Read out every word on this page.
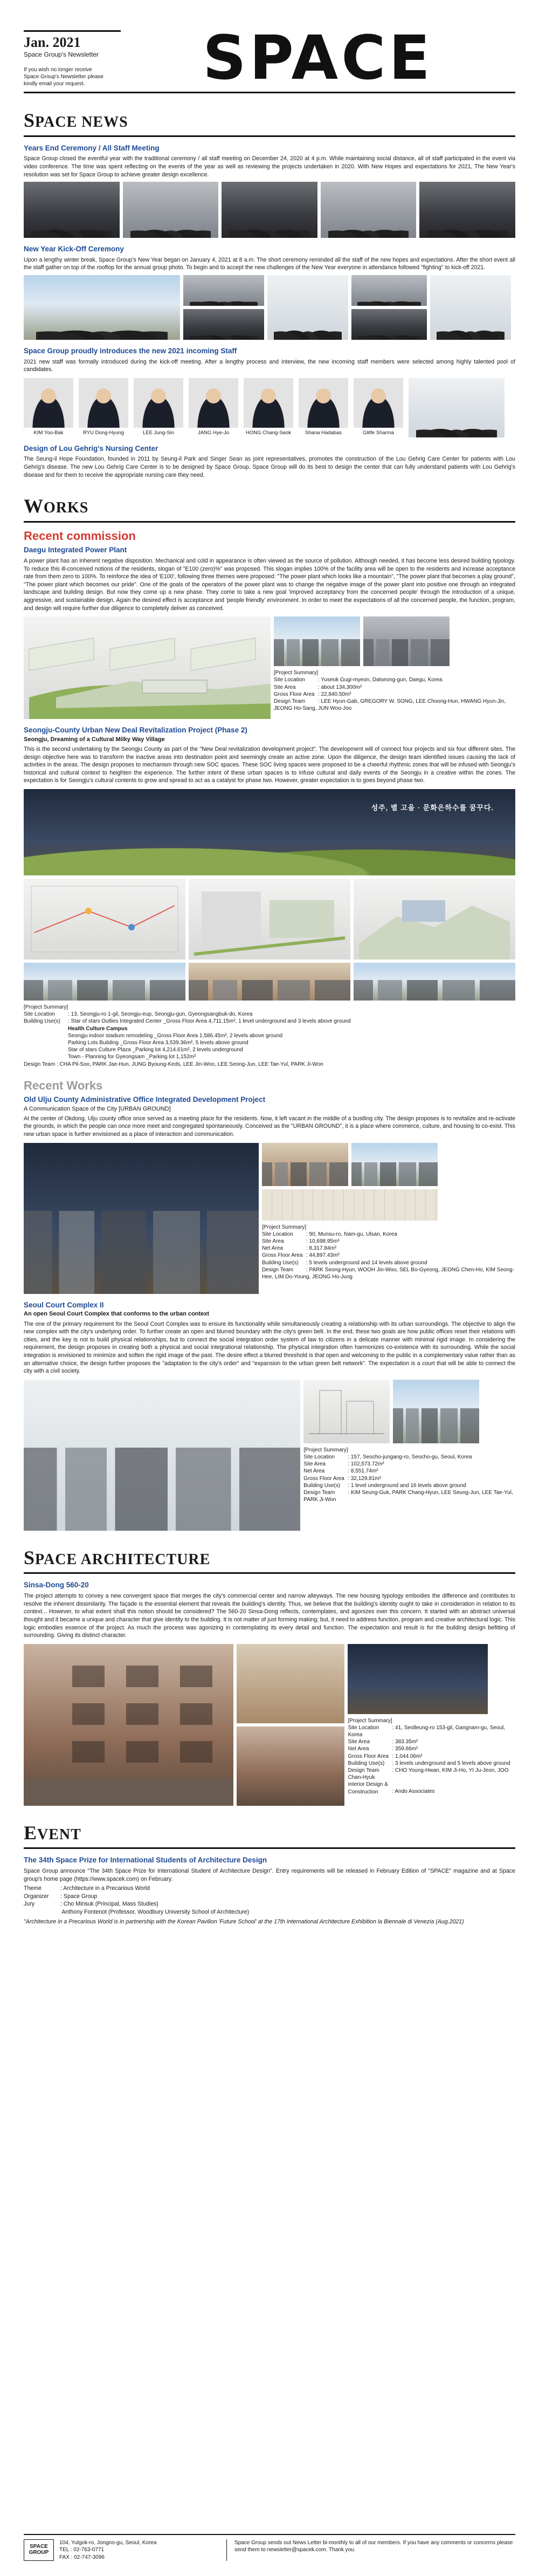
Jan. 2021
Space Group's Newsletter
If you wish no longer receive Space Group's Newsletter please kindly email your request.	SPACE
SPACE NEWS
Years End Ceremony / All Staff Meeting
Space Group closed the eventful year with the traditional ceremony / all staff meeting on December 24, 2020 at 4 p.m. While maintaining social distance, all of staff participated in the event via video conference. The time was spent reflecting on the events of the year as well as reviewing the projects undertaken in 2020. With New Hopes and expectations for 2021, The New Year's resolution was set for Space Group to achieve greater design excellence.
New Year Kick-Off Ceremony
Upon a lengthy winter break, Space Group's New Year began on January 4, 2021 at 8 a.m. The short ceremony reminded all the staff of the new hopes and expectations. After the short event all the staff gather on top of the rooftop for the annual group photo. To begin and to accept the new challenges of the New Year everyone in attendance followed "fighting" to kick-off 2021.
Space Group proudly introduces the new 2021 incoming Staff
2021 new staff was formally introduced during the kick-off meeting. After a lengthy process and interview, the new incoming staff members were selected among highly talented pool of candidates.
KIM Yoo-Bak	RYU Dong-Hyung	LEE Jung-Sin	JANG Hye-Jo	HONG Chang-Seok	Shana Hadabas	Glitfe Sharma
Design of Lou Gehrig's Nursing Center
The Seung-il Hope Foundation, founded in 2011 by Seung-il Park and Singer Sean as joint representatives, promotes the construction of the Lou Gehrig Care Center for patients with Lou Gehrig's disease. The new Lou Gehrig Care Center is to be designed by Space Group. Space Group will do its best to design the center that can fully understand patients with Lou Gehrig's disease and for them to receive the appropriate nursing care they need.
WORKS
Recent commission
Daegu Integrated Power Plant
A power plant has an inherent negative disposition. Mechanical and cold in appearance is often viewed as the source of pollution. Although needed, it has become less desired building typology. To reduce this ill-conceived notions of the residents, slogan of "E100 (zero)%" was proposed. This slogan implies 100% of the facility area will be open to the residents and increase acceptance rate from them zero to 100%. To reinforce the idea of 'E100', following three themes were proposed: "The power plant which looks like a mountain", "The power plant that becomes a play ground", "The power plant which becomes our pride". One of the goals of the operators of the power plant was to change the negative image of the power plant into positive one through an integrated landscape and building design. But now they come up a new phase. They come to take a new goal 'improved acceptancy from the concerned people' through the introduction of a unique, aggressive, and sustainable design. Again the desired effect is acceptance and 'people friendly' environment. In order to meet the expectations of all the concerned people, the function, program, and design will require further due diligence to completely deliver as conceived.
[Project Summary]
Site Location : Yuseok Gugi-myeon, Dalseong-gun, Daegu, Korea
Site Area	: about 134,300m²
Gross Floor Area : 22,840.50m²
Design Team : LEE Hyun-Gab, GREGORY W. SONG, LEE Choong-Hun, HWANG Hyun-Jin, JEONG Ho-Sang, JUN Woo-Joo
Seongju-County Urban New Deal Revitalization Project (Phase 2)
Seongju, Dreaming of a Cultural Milky Way Village
This is the second undertaking by the Seongju County as part of the "New Deal revitalization development project". The development will of connect four projects and six four different sites. The design objective here was to transform the inactive areas into destination point and seemingly create an active zone. Upon the diligence, the design team identified issues causing the lack of activities in the areas. The design proposes to mechanism through new SOC spaces. These SOC living spaces were proposed to be a cheerful rhythmic zones that will be infused with Seongju's historical and cultural context to heighten the experience. The further intent of these urban spaces is to infuse cultural and daily events of the Seongju in a creative within the zones. The expectation is for Seongju's cultural contents to grow and spread to act as a catalyst for phase two. However, greater expectation is to goes beyond phase two.
성주, 별 고을 · 문화은하수를 꿈꾸다.
[Project Summary]
Site Location : 13, Seongju-ro 1-gil, Seongju-eup, Seongju-gun, Gyeongsangbuk-do, Korea
Building Use(s) : Star of stars Outlies Integrated Center _Gross Floor Area 4,711.15m², 1 level underground and 3 levels above ground
Health Culture Campus
Seongju indoor stadium remodeling _Gross Floor Area 1,586.45m², 2 levels above ground
Parking Lots Building _Gross Floor Area 3,539.36m², 5 levels above ground
Star of stars Culture Plaza _Parking lot 4,214.61m², 2 levels underground
Town - Planning for Gyeongsam _Parking lot 1,152m²
Design Team : CHA Pil-Soo, PARK Jae-Hun, JUNG Byoung-Keds, LEE Jin-Woo, LEE Seong-Jun, LEE Tae-Yul, PARK Ji-Won
Recent Works
Old Ulju County Administrative Office Integrated Development Project
A Communication Space of the City [URBAN GROUND]
At the center of Okdong, Ulju county office once served as a meeting place for the residents. Now, it left vacant in the middle of a bustling city. The design proposes is to revitalize and re-activate the grounds, in which the people can once more meet and congregated spontaneously. Conceived as the "URBAN GROUND", it is a place where commerce, culture, and housing to co-exist. This new urban space is further envisioned as a place of interaction and communication.
[Project Summary]
Site Location : 90, Munsu-ro, Nam-gu, Ulsan, Korea
Site Area	: 10,698.95m²
Net Area	: 8,317.84m²
Gross Floor Area : 44,897.43m²
Building Use(s) : 5 levels underground and 14 levels above ground
Design Team : PARK Seong-Hyun, WOOH Jin-Woo, SEL Bo-Gyeong, JEONG Chen-Ho, KIM Seong-Hee, LIM Do-Young, JEONG Ho-Jung
Seoul Court Complex II
An open Seoul Court Complex that conforms to the urban context
The one of the primary requirement for the Seoul Court Complex was to ensure its functionality while simultaneously creating a relationship with its urban surroundings. The objective to align the new complex with the city's underlying order. To further create an open and blurred boundary with the city's green belt. In the end, these two goals are how public offices reset their relations with cities, and the key is not to build physical relationships, but to connect the social integration order system of law to citizens in a delicate manner with minimal rigid image. In considering the requirement, the design proposes in creating both a physical and social integrational relationship. The physical integration often harmonizes co-existence with its surrounding. While the social integration is envisioned to minimize and soften the rigid image of the past. The desire effect a blurred threshold is that open and welcoming to the public in a complementary value rather than as an alternative choice, the design further proposes the "adaptation to the city's order" and "expansion to the urban green belt network". The expectation is a court that will be able to connect the city with a civil society.
[Project Summary]
Site Location : 157, Seocho-jungang-ro, Seocho-gu, Seoul, Korea
Site Area	: 102,573.72m²
Net Area	: 8,551.74m²
Gross Floor Area : 32,129.81m²
Building Use(s) : 1 level underground and 16 levels above ground
Design Team : KIM Seung-Guk, PARK Chang-Hyun, LEE Seung-Jun, LEE Tae-Yul, PARK Ji-Won
SPACE ARCHITECTURE
Sinsa-Dong 560-20
The project attempts to convey a new convergent space that merges the city's commercial center and narrow alleyways. The new housing typology embodies the difference and contributes to resolve the inherent dissimilarity. The façade is the essential element that reveals the building's identity. Thus, we believe that the building's identity ought to take in consideration in relation to its context... However, to what extent shall this notion should be considered? The 560-20 Sinsa-Dong reflects, contemplates, and agonizes over this concern. It started with an abstract universal thought and it became a unique and character that give identity to the building. It is not matter of just forming making; but, it need to address function, program and creative architectural logic. This logic embodies essence of the project. As much the process was agonizing in contemplating its every detail and function. The expectation and result is for the building design befitting of surrounding. Giving its distinct character.
[Project Summary]
Site Location : 41, Seolleung-ro 153-gil, Gangnam-gu, Seoul, Korea
Site Area	: 383.35m²
Net Area	: 359.66m²
Gross Floor Area : 1,044.06m²
Building Use(s) : 3 levels underground and 5 levels above ground
Design Team : CHO Young-Hwan, KIM Ji-Ho, YI Ju-Jeon, JOO Chan-Hyuk
Interior Design & Construction	: Ando Associates
EVENT
The 34th Space Prize for International Students of Architecture Design
Space Group announce "The 34th Space Prize for International Student of Architecture Design". Entry requirements will be released in February Edition of "SPACE" magazine and at Space group's home page (https://www.spacek.com) on February.
Theme	: Architecture in a Precarious World
Organizer : Space Group
Jury	: Cho Minsuk (Principal, Mass Studies)
Anthony Fontenot (Professor, Woodbury University School of Architecture)
"Architecture in a Precarious World is in partnership with the Korean Pavilion 'Future School' at the 17th International Architecture Exhibition la Biennale di Venezia (Aug.2021)
SPACE GROUP
104, Yulgok-ro, Jongno-gu, Seoul, Korea
TEL : 02-763-0771
FAX : 02-747-3096
Space Group sends out News Letter bi-monthly to all of our members. If you have any comments or concerns please send them to newsletter@spacek.com. Thank you.
